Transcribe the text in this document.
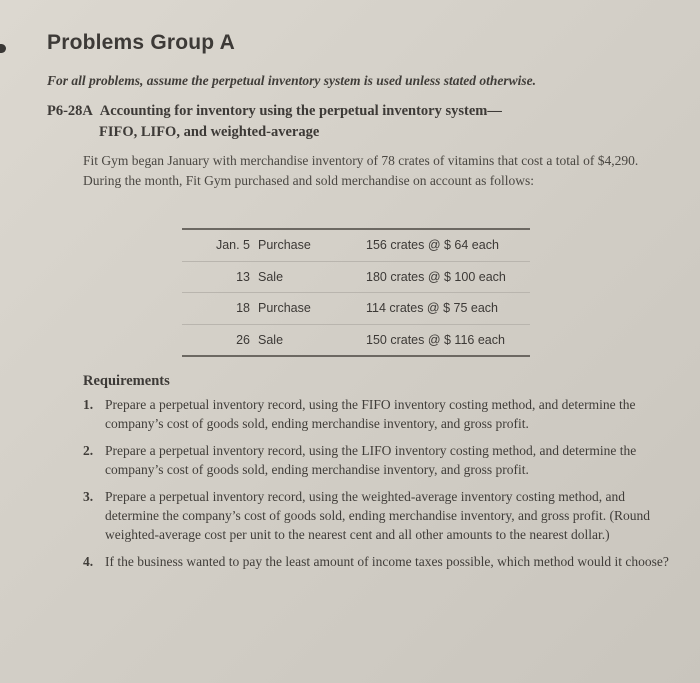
Problems Group A
For all problems, assume the perpetual inventory system is used unless stated otherwise.
P6-28A Accounting for inventory using the perpetual inventory system—
FIFO, LIFO, and weighted-average
Fit Gym began January with merchandise inventory of 78 crates of vitamins that cost a total of $4,290. During the month, Fit Gym purchased and sold merchandise on account as follows:
Jan. 5 Purchase	156 crates @ $ 64 each
13 Sale	180 crates @ $ 100 each
18 Purchase	114 crates @ $ 75 each
26 Sale	150 crates @ $ 116 each
Requirements
1. Prepare a perpetual inventory record, using the FIFO inventory costing method, and determine the company’s cost of goods sold, ending merchandise inventory, and gross profit.
2. Prepare a perpetual inventory record, using the LIFO inventory costing method, and determine the company’s cost of goods sold, ending merchandise inventory, and gross profit.
3. Prepare a perpetual inventory record, using the weighted-average inventory costing method, and determine the company’s cost of goods sold, ending merchandise inventory, and gross profit. (Round weighted-average cost per unit to the nearest cent and all other amounts to the nearest dollar.)
4. If the business wanted to pay the least amount of income taxes possible, which method would it choose?
